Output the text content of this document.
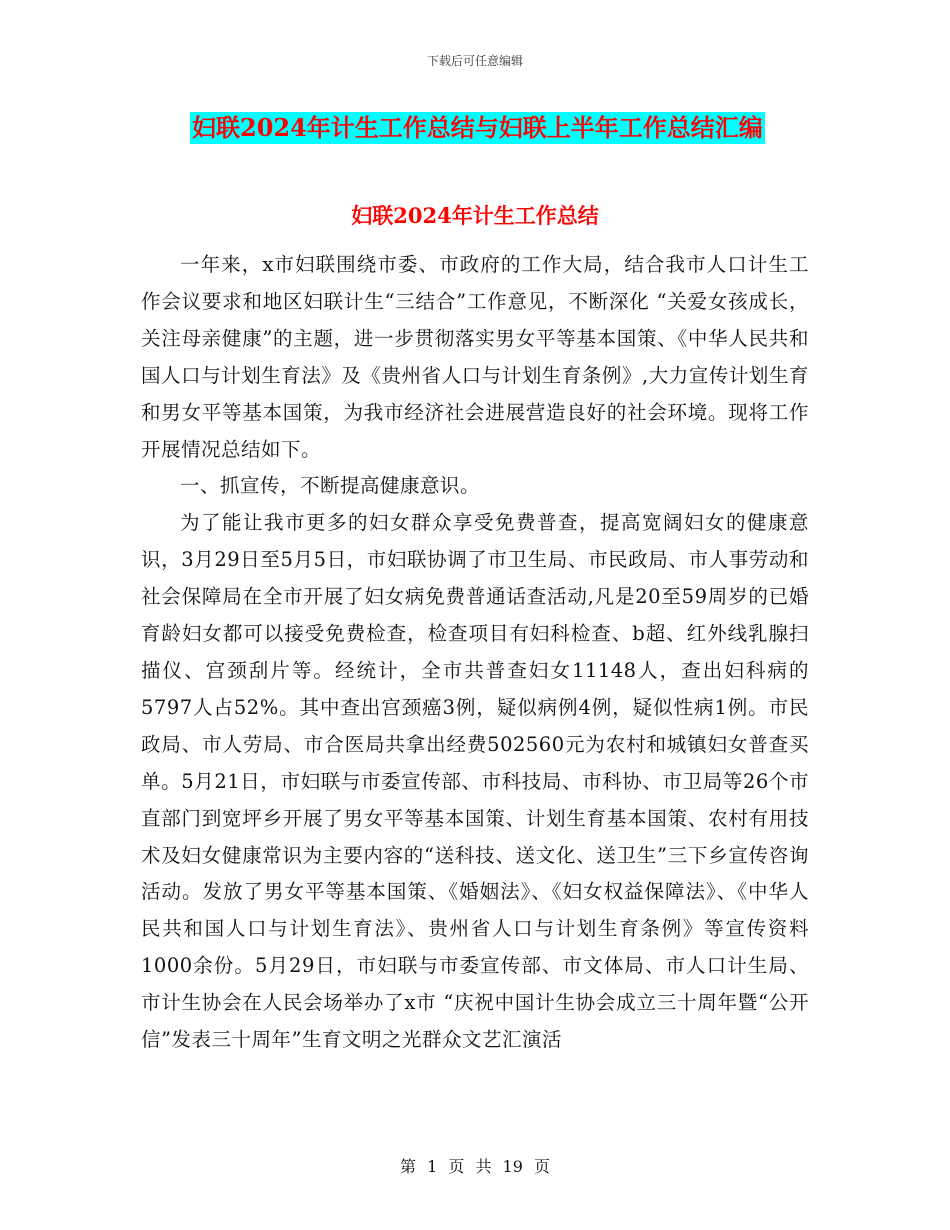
下载后可任意编辑
妇联2024年计生工作总结与妇联上半年工作总结汇编
妇联2024年计生工作总结

一年来，x市妇联围绕市委、市政府的工作大局，结合我市人口计生工作会议要求和地区妇联计生“三结合”工作意见，不断深化 “关爱女孩成长，关注母亲健康”的主题，进一步贯彻落实男女平等基本国策、《中华人民共和国人口与计划生育法》及《贵州省人口与计划生育条例》,大力宣传计划生育和男女平等基本国策，为我市经济社会进展营造良好的社会环境。现将工作开展情况总结如下。

一、抓宣传，不断提高健康意识。

为了能让我市更多的妇女群众享受免费普查，提高宽阔妇女的健康意识，3月29日至5月5日，市妇联协调了市卫生局、市民政局、市人事劳动和社会保障局在全市开展了妇女病免费普通话查活动,凡是20至59周岁的已婚育龄妇女都可以接受免费检查，检查项目有妇科检查、b超、红外线乳腺扫描仪、宫颈刮片等。经统计，全市共普查妇女11148人，查出妇科病的5797人占52%。其中查出宫颈癌3例，疑似病例4例，疑似性病1例。市民政局、市人劳局、市合医局共拿出经费502560元为农村和城镇妇女普查买单。5月21日，市妇联与市委宣传部、市科技局、市科协、市卫局等26个市直部门到宽坪乡开展了男女平等基本国策、计划生育基本国策、农村有用技术及妇女健康常识为主要内容的“送科技、送文化、送卫生”三下乡宣传咨询活动。发放了男女平等基本国策、《婚姻法》、《妇女权益保障法》、《中华人民共和国人口与计划生育法》、贵州省人口与计划生育条例》等宣传资料1000余份。5月29日，市妇联与市委宣传部、市文体局、市人口计生局、市计生协会在人民会场举办了x市 “庆祝中国计生协会成立三十周年暨“公开信”发表三十周年”生育文明之光群众文艺汇演活

第 1 页 共 19 页
